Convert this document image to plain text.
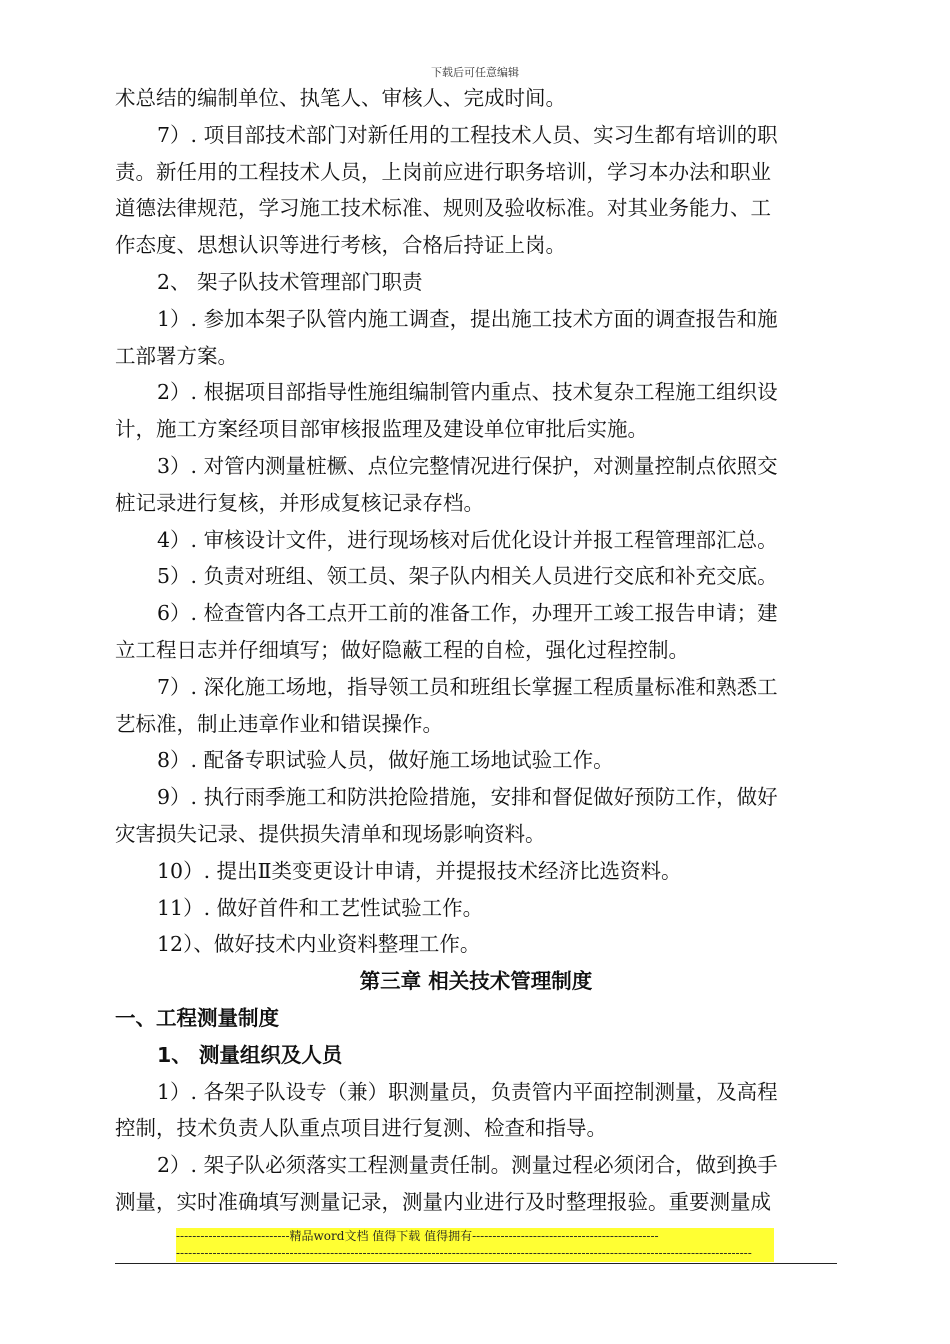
下载后可任意编辑
术总结的编制单位、执笔人、审核人、完成时间。
7）. 项目部技术部门对新任用的工程技术人员、实习生都有培训的职
责。新任用的工程技术人员，上岗前应进行职务培训，学习本办法和职业
道德法律规范，学习施工技术标准、规则及验收标准。对其业务能力、工
作态度、思想认识等进行考核，合格后持证上岗。
2、 架子队技术管理部门职责
1）. 参加本架子队管内施工调查，提出施工技术方面的调查报告和施
工部署方案。
2）. 根据项目部指导性施组编制管内重点、技术复杂工程施工组织设
计，施工方案经项目部审核报监理及建设单位审批后实施。
3）. 对管内测量桩橛、点位完整情况进行保护，对测量控制点依照交
桩记录进行复核，并形成复核记录存档。
4）. 审核设计文件，进行现场核对后优化设计并报工程管理部汇总。
5）. 负责对班组、领工员、架子队内相关人员进行交底和补充交底。
6）. 检查管内各工点开工前的准备工作，办理开工竣工报告申请；建
立工程日志并仔细填写；做好隐蔽工程的自检，强化过程控制。
7）. 深化施工场地，指导领工员和班组长掌握工程质量标准和熟悉工
艺标准，制止违章作业和错误操作。
8）. 配备专职试验人员，做好施工场地试验工作。
9）. 执行雨季施工和防洪抢险措施，安排和督促做好预防工作，做好
灾害损失记录、提供损失清单和现场影响资料。
10）. 提出Ⅱ类变更设计申请，并提报技术经济比选资料。
11）. 做好首件和工艺性试验工作。
12）、做好技术内业资料整理工作。
第三章 相关技术管理制度
一、工程测量制度
1、 测量组织及人员
1）. 各架子队设专（兼）职测量员，负责管内平面控制测量，及高程
控制，技术负责人队重点项目进行复测、检查和指导。
2）. 架子队必须落实工程测量责任制。测量过程必须闭合，做到换手
测量，实时准确填写测量记录，测量内业进行及时整理报验。重要测量成
----------------------------精品word文档 值得下载 值得拥有----------------------------------------------
----------------------------------------------------------------------------------------------------------------------------------------------
